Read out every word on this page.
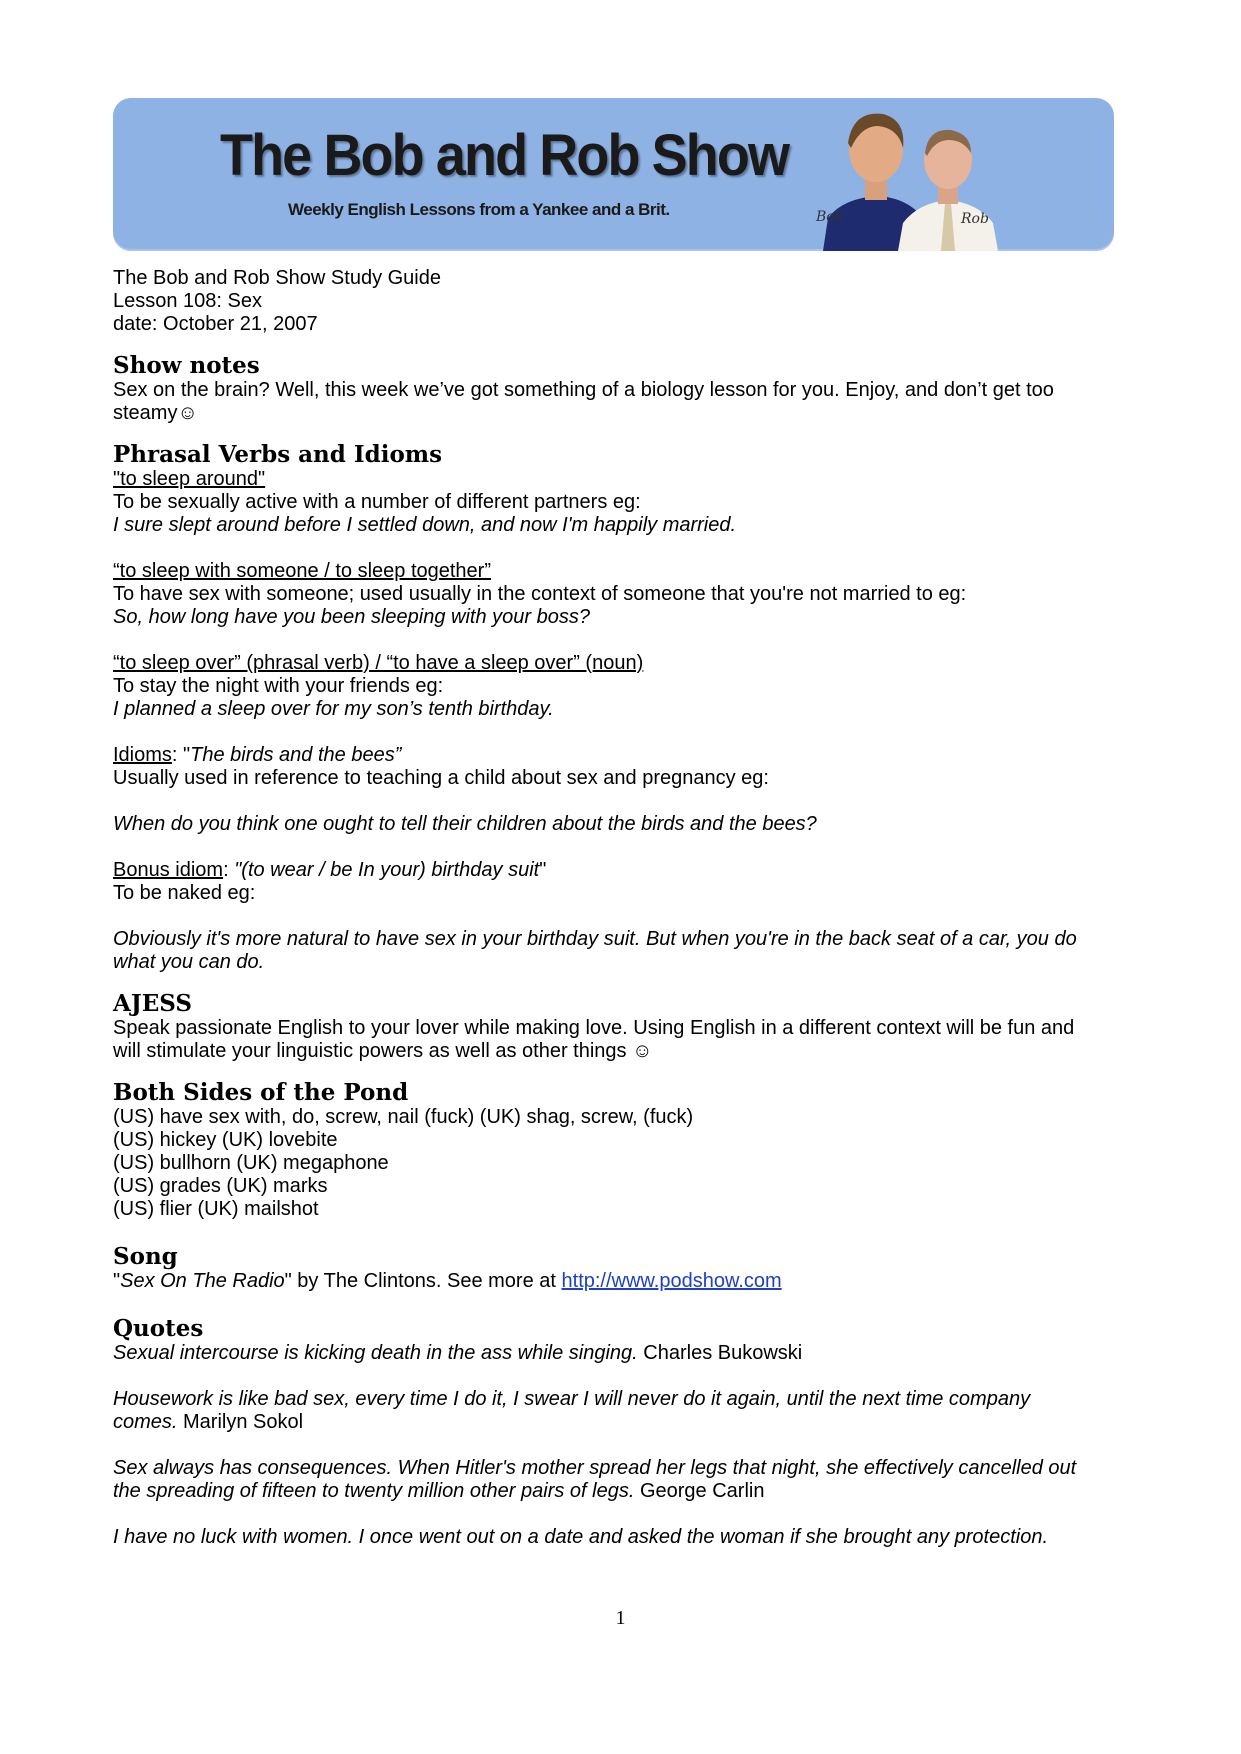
The Bob and Rob Show
Weekly English Lessons from a Yankee and a Brit.	Bob	Rob
The Bob and Rob Show Study Guide
Lesson 108: Sex
date: October 21, 2007
Show notes
Sex on the brain? Well, this week we’ve got something of a biology lesson for you. Enjoy, and don’t get too
steamy☺
Phrasal Verbs and Idioms
"to sleep around"
To be sexually active with a number of different partners eg:
I sure slept around before I settled down, and now I'm happily married.
“to sleep with someone / to sleep together”
To have sex with someone; used usually in the context of someone that you're not married to eg:
So, how long have you been sleeping with your boss?
“to sleep over” (phrasal verb) / “to have a sleep over” (noun)
To stay the night with your friends eg:
I planned a sleep over for my son’s tenth birthday.
Idioms: "The birds and the bees”
Usually used in reference to teaching a child about sex and pregnancy eg:
When do you think one ought to tell their children about the birds and the bees?
Bonus idiom: "(to wear / be In your) birthday suit"
To be naked eg:
Obviously it's more natural to have sex in your birthday suit. But when you're in the back seat of a car, you do
what you can do.
AJESS
Speak passionate English to your lover while making love. Using English in a different context will be fun and
will stimulate your linguistic powers as well as other things ☺
Both Sides of the Pond
(US) have sex with, do, screw, nail (fuck) (UK) shag, screw, (fuck)
(US) hickey (UK) lovebite
(US) bullhorn (UK) megaphone
(US) grades (UK) marks
(US) flier (UK) mailshot
Song
"Sex On The Radio" by The Clintons. See more at http://www.podshow.com
Quotes
Sexual intercourse is kicking death in the ass while singing. Charles Bukowski
Housework is like bad sex, every time I do it, I swear I will never do it again, until the next time company
comes. Marilyn Sokol
Sex always has consequences. When Hitler's mother spread her legs that night, she effectively cancelled out
the spreading of fifteen to twenty million other pairs of legs. George Carlin
I have no luck with women. I once went out on a date and asked the woman if she brought any protection.
1
